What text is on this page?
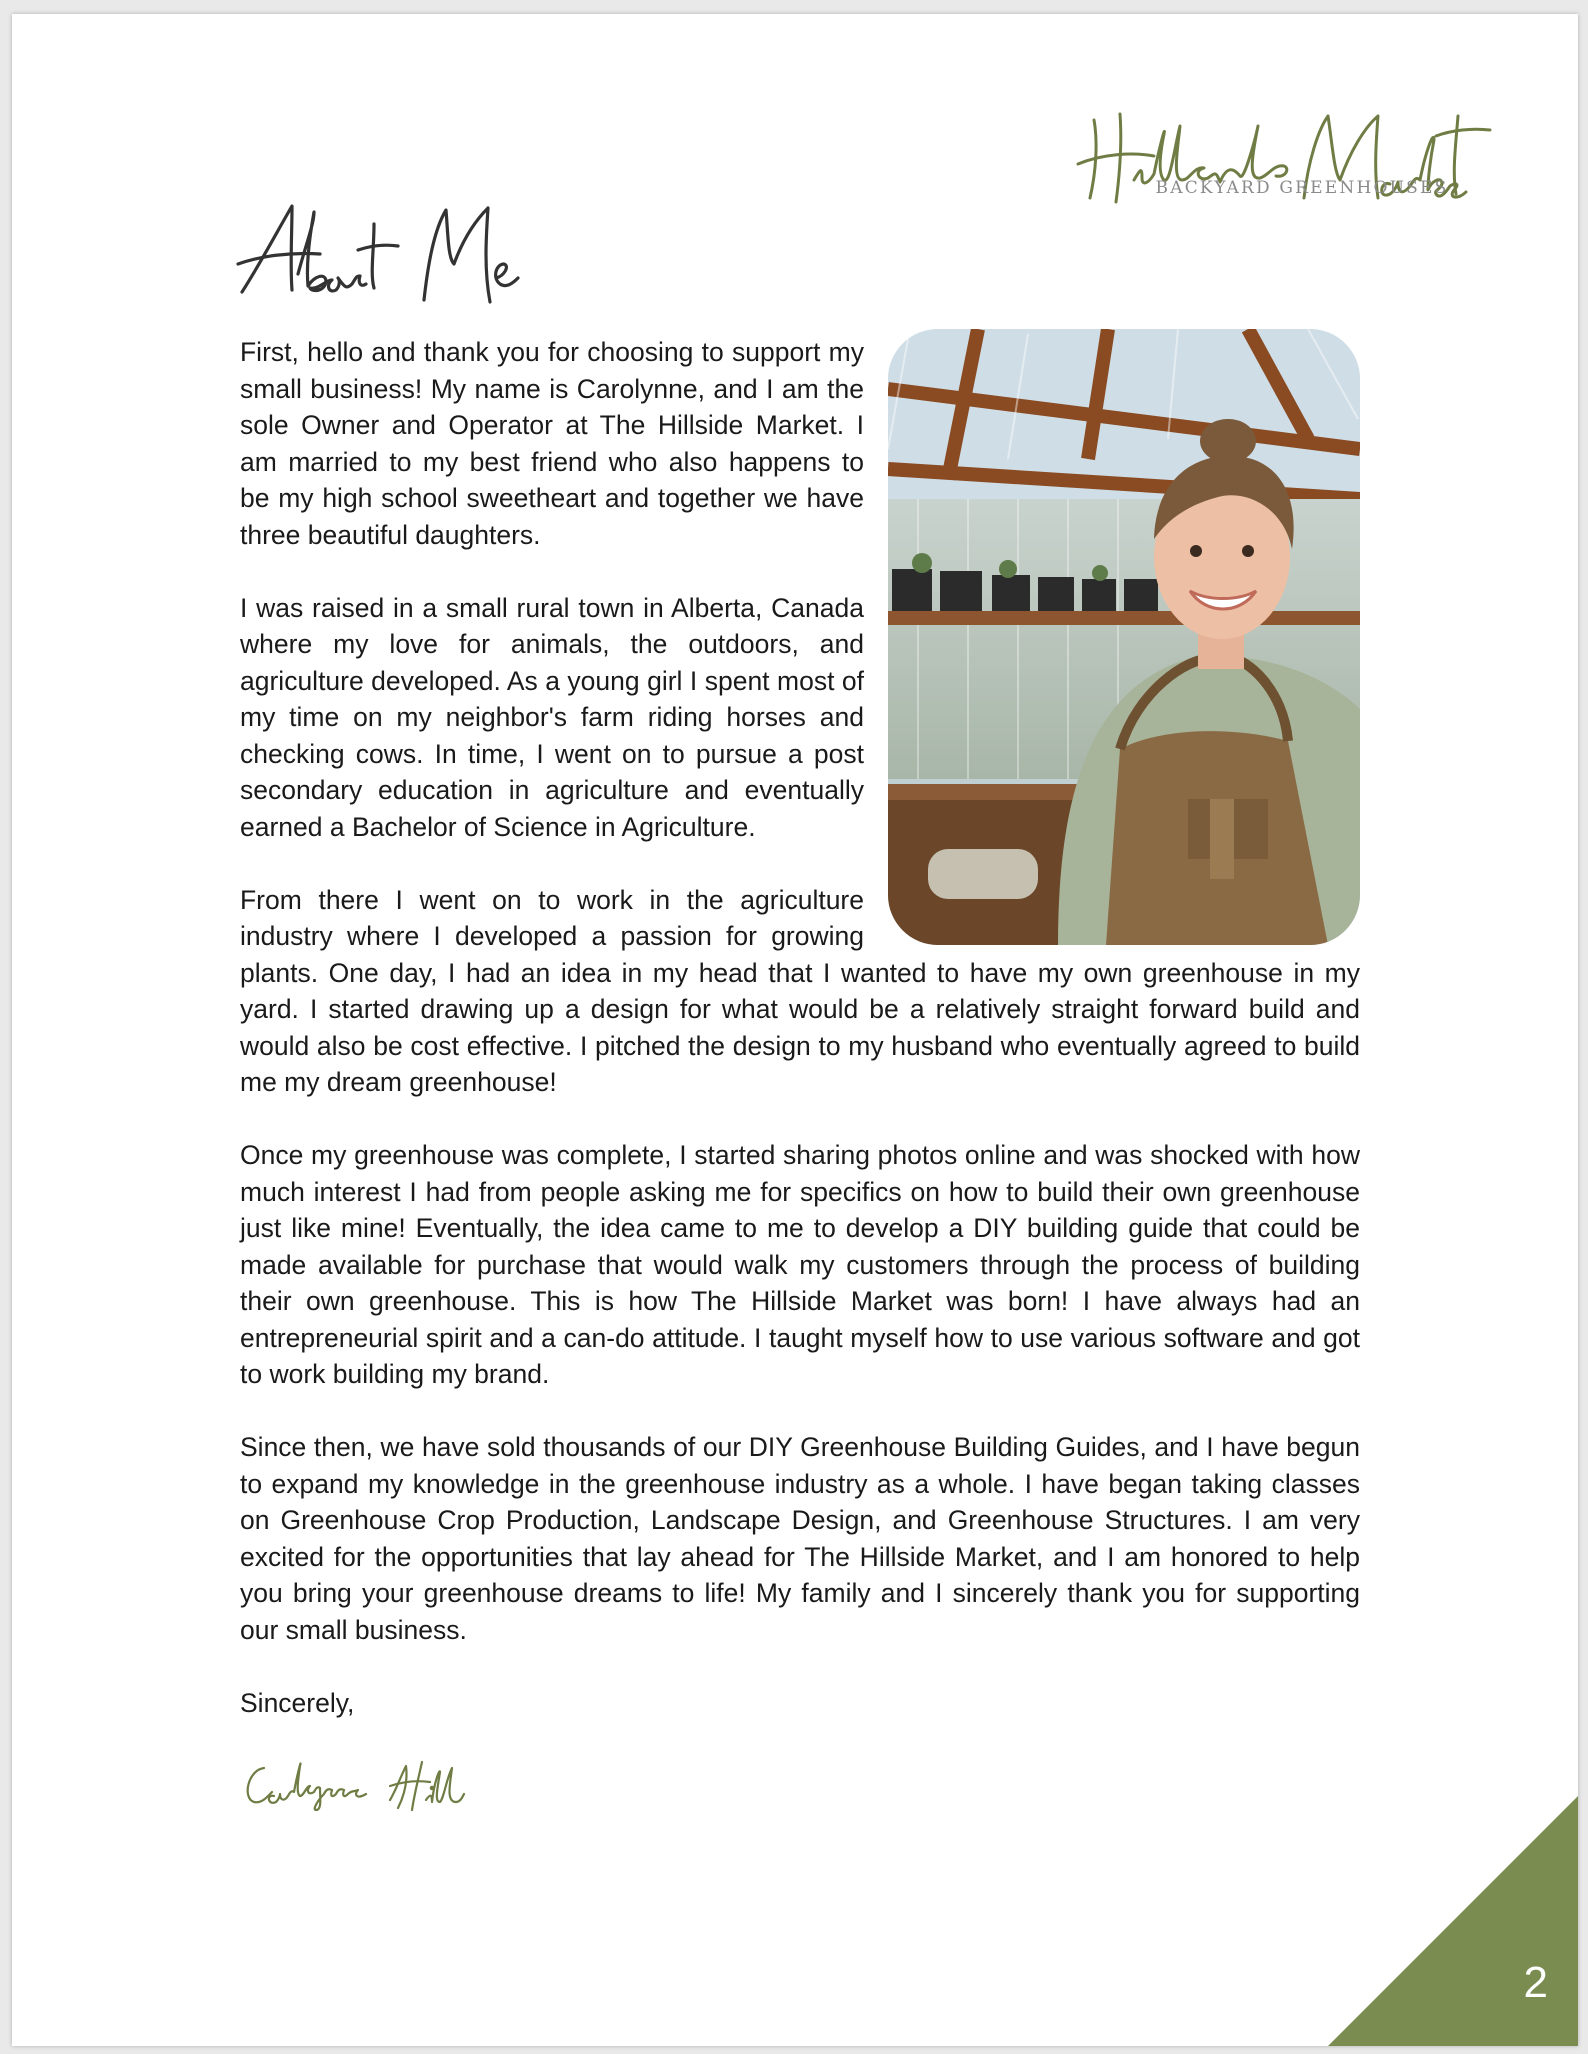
BACKYARD GREENHOUSES

First, hello and thank you for choosing to support my small business! My name is Carolynne, and I am the sole Owner and Operator at The Hillside Market. I am married to my best friend who also happens to be my high school sweetheart and together we have three beautiful daughters.

I was raised in a small rural town in Alberta, Canada where my love for animals, the outdoors, and agriculture developed. As a young girl I spent most of my time on my neighbor's farm riding horses and checking cows. In time, I went on to pursue a post secondary education in agriculture and eventually earned a Bachelor of Science in Agriculture.

From there I went on to work in the agriculture industry where I developed a passion for growing plants. One day, I had an idea in my head that I wanted to have my own greenhouse in my yard. I started drawing up a design for what would be a relatively straight forward build and would also be cost effective. I pitched the design to my husband who eventually agreed to build me my dream greenhouse!

Once my greenhouse was complete, I started sharing photos online and was shocked with how much interest I had from people asking me for specifics on how to build their own greenhouse just like mine! Eventually, the idea came to me to develop a DIY building guide that could be made available for purchase that would walk my customers through the process of building their own greenhouse. This is how The Hillside Market was born! I have always had an entrepreneurial spirit and a can-do attitude. I taught myself how to use various software and got to work building my brand.

Since then, we have sold thousands of our DIY Greenhouse Building Guides, and I have begun to expand my knowledge in the greenhouse industry as a whole. I have began taking classes on Greenhouse Crop Production, Landscape Design, and Greenhouse Structures. I am very excited for the opportunities that lay ahead for The Hillside Market, and I am honored to help you bring your greenhouse dreams to life! My family and I sincerely thank you for supporting our small business.

Sincerely,

2
